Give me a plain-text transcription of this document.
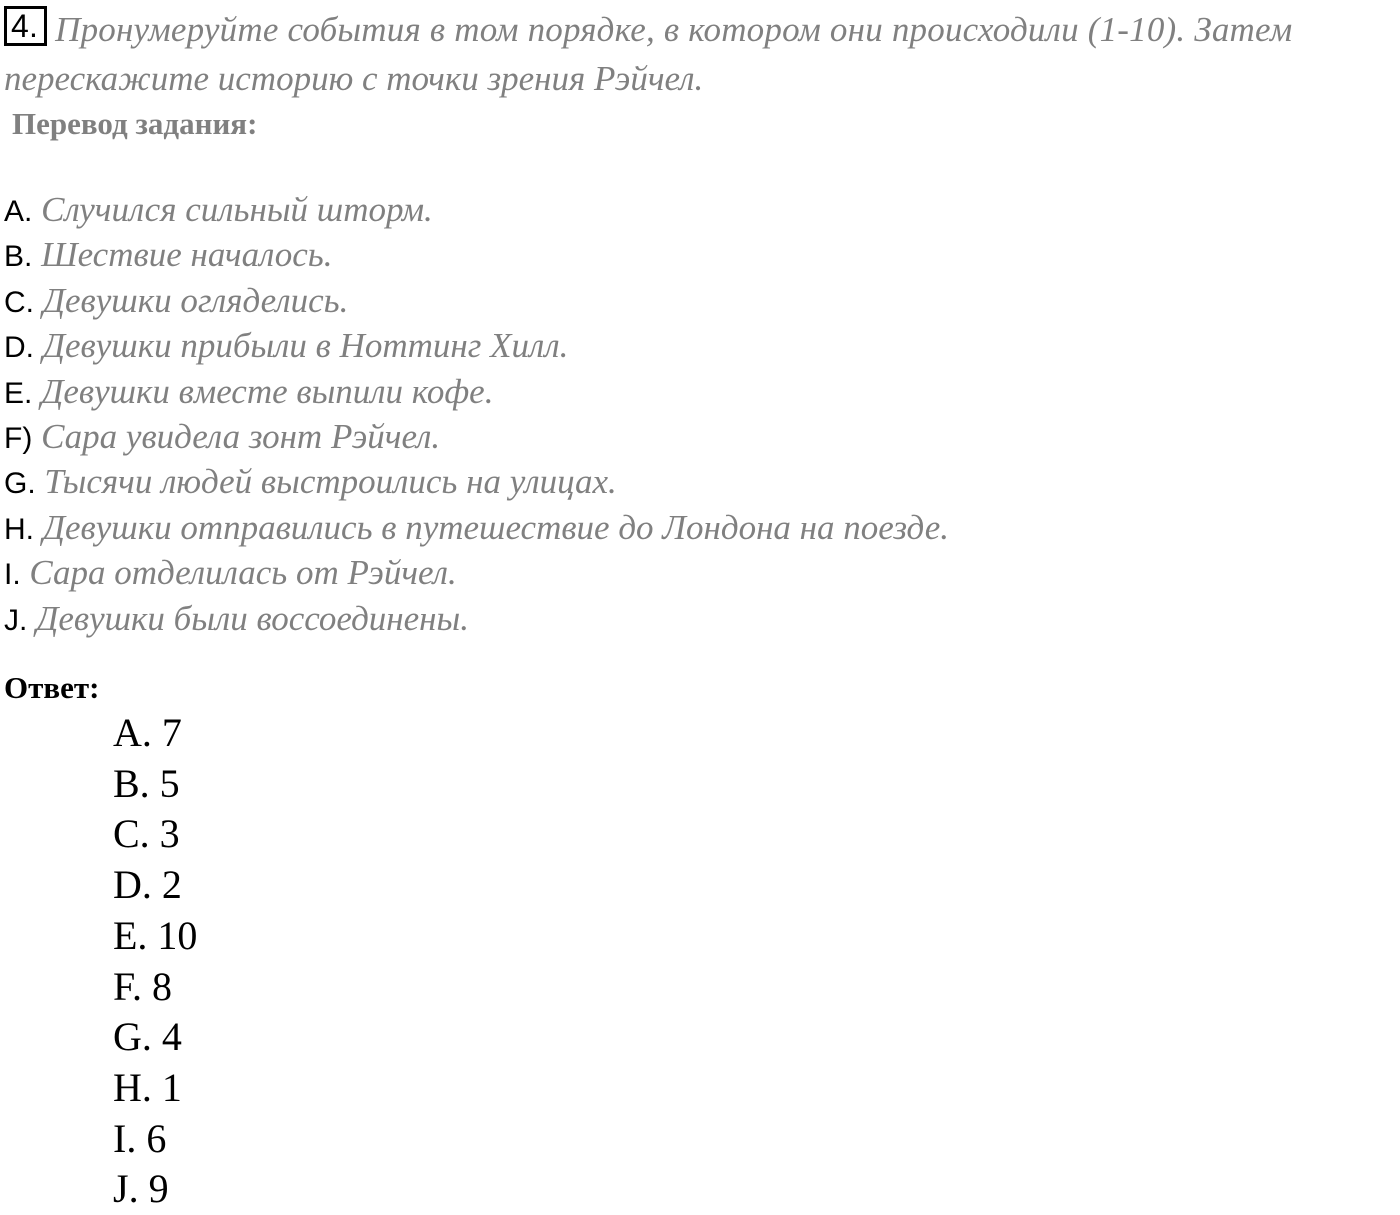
4. Пронумеруйте события в том порядке, в котором они происходили (1-10). Затем
перескажите историю с точки зрения Рэйчел.
Перевод задания:
A. Случился сильный шторм.
B. Шествие началось.
C. Девушки огляделись.
D. Девушки прибыли в Ноттинг Хилл.
E. Девушки вместе выпили кофе.
F) Сара увидела зонт Рэйчел.
G. Тысячи людей выстроились на улицах.
H. Девушки отправились в путешествие до Лондона на поезде.
I. Сара отделилась от Рэйчел.
J. Девушки были воссоединены.
Ответ:
A. 7
B. 5
C. 3
D. 2
E. 10
F. 8
G. 4
H. 1
I. 6
J. 9
